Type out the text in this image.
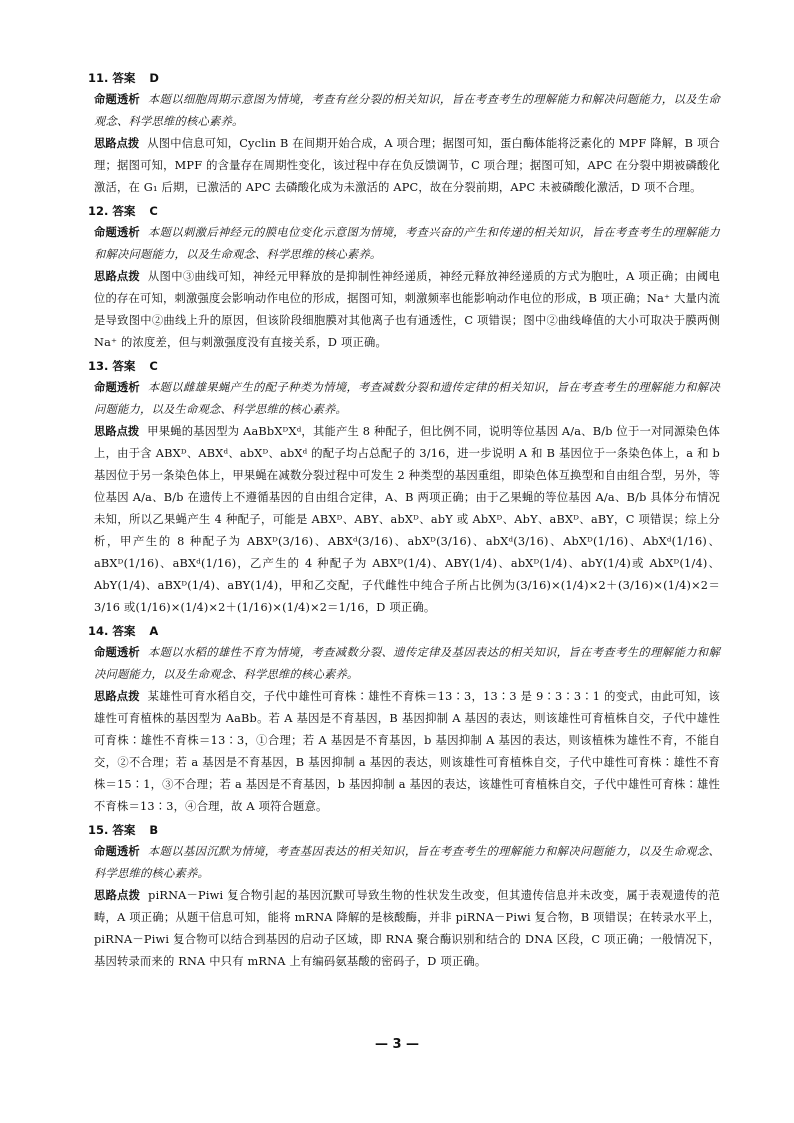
11. 答案 D

命题透析 本题以细胞周期示意图为情境，考查有丝分裂的相关知识，旨在考查考生的理解能力和解决问题能力，以及生命观念、科学思维的核心素养。

思路点拨 从图中信息可知，Cyclin B 在间期开始合成，A 项合理；据图可知，蛋白酶体能将泛素化的 MPF 降解，B 项合理；据图可知，MPF 的含量存在周期性变化，该过程中存在负反馈调节，C 项合理；据图可知，APC 在分裂中期被磷酸化激活，在 G₁ 后期，已激活的 APC 去磷酸化成为未激活的 APC，故在分裂前期，APC 未被磷酸化激活，D 项不合理。

12. 答案 C

命题透析 本题以刺激后神经元的膜电位变化示意图为情境，考查兴奋的产生和传递的相关知识，旨在考查考生的理解能力和解决问题能力，以及生命观念、科学思维的核心素养。

思路点拨 从图中③曲线可知，神经元甲释放的是抑制性神经递质，神经元释放神经递质的方式为胞吐，A 项正确；由阈电位的存在可知，刺激强度会影响动作电位的形成，据图可知，刺激频率也能影响动作电位的形成，B 项正确；Na⁺ 大量内流是导致图中②曲线上升的原因，但该阶段细胞膜对其他离子也有通透性，C 项错误；图中②曲线峰值的大小可取决于膜两侧 Na⁺ 的浓度差，但与刺激强度没有直接关系，D 项正确。

13. 答案 C

命题透析 本题以雌雄果蝇产生的配子种类为情境，考查减数分裂和遗传定律的相关知识，旨在考查考生的理解能力和解决问题能力，以及生命观念、科学思维的核心素养。

思路点拨 甲果蝇的基因型为 AaBbXᴰXᵈ，其能产生 8 种配子，但比例不同，说明等位基因 A/a、B/b 位于一对同源染色体上，由于含 ABXᴰ、ABXᵈ、abXᴰ、abXᵈ 的配子均占总配子的 3/16，进一步说明 A 和 B 基因位于一条染色体上，a 和 b 基因位于另一条染色体上，甲果蝇在减数分裂过程中可发生 2 种类型的基因重组，即染色体互换型和自由组合型，另外，等位基因 A/a、B/b 在遗传上不遵循基因的自由组合定律，A、B 两项正确；由于乙果蝇的等位基因 A/a、B/b 具体分布情况未知，所以乙果蝇产生 4 种配子，可能是 ABXᴰ、ABY、abXᴰ、abY 或 AbXᴰ、AbY、aBXᴰ、aBY，C 项错误；综上分析，甲产生的 8 种配子为 ABXᴰ(3/16)、ABXᵈ(3/16)、abXᴰ(3/16)、abXᵈ(3/16)、AbXᴰ(1/16)、AbXᵈ(1/16)、aBXᴰ(1/16)、aBXᵈ(1/16)，乙产生的 4 种配子为 ABXᴰ(1/4)、ABY(1/4)、abXᴰ(1/4)、abY(1/4)或 AbXᴰ(1/4)、AbY(1/4)、aBXᴰ(1/4)、aBY(1/4)，甲和乙交配，子代雌性中纯合子所占比例为(3/16)×(1/4)×2＋(3/16)×(1/4)×2＝3/16 或(1/16)×(1/4)×2＋(1/16)×(1/4)×2＝1/16，D 项正确。

14. 答案 A

命题透析 本题以水稻的雄性不育为情境，考查减数分裂、遗传定律及基因表达的相关知识，旨在考查考生的理解能力和解决问题能力，以及生命观念、科学思维的核心素养。

思路点拨 某雄性可育水稻自交，子代中雄性可育株∶雄性不育株＝13∶3，13∶3 是 9∶3∶3∶1 的变式，由此可知，该雄性可育植株的基因型为 AaBb。若 A 基因是不育基因，B 基因抑制 A 基因的表达，则该雄性可育植株自交，子代中雄性可育株∶雄性不育株＝13∶3，①合理；若 A 基因是不育基因，b 基因抑制 A 基因的表达，则该植株为雄性不育，不能自交，②不合理；若 a 基因是不育基因，B 基因抑制 a 基因的表达，则该雄性可育植株自交，子代中雄性可育株∶雄性不育株＝15∶1，③不合理；若 a 基因是不育基因，b 基因抑制 a 基因的表达，该雄性可育植株自交，子代中雄性可育株∶雄性不育株＝13∶3，④合理，故 A 项符合题意。

15. 答案 B

命题透析 本题以基因沉默为情境，考查基因表达的相关知识，旨在考查考生的理解能力和解决问题能力，以及生命观念、科学思维的核心素养。

思路点拨 piRNA－Piwi 复合物引起的基因沉默可导致生物的性状发生改变，但其遗传信息并未改变，属于表观遗传的范畴，A 项正确；从题干信息可知，能将 mRNA 降解的是核酸酶，并非 piRNA－Piwi 复合物，B 项错误；在转录水平上，piRNA－Piwi 复合物可以结合到基因的启动子区域，即 RNA 聚合酶识别和结合的 DNA 区段，C 项正确；一般情况下，基因转录而来的 RNA 中只有 mRNA 上有编码氨基酸的密码子，D 项正确。

— 3 —
